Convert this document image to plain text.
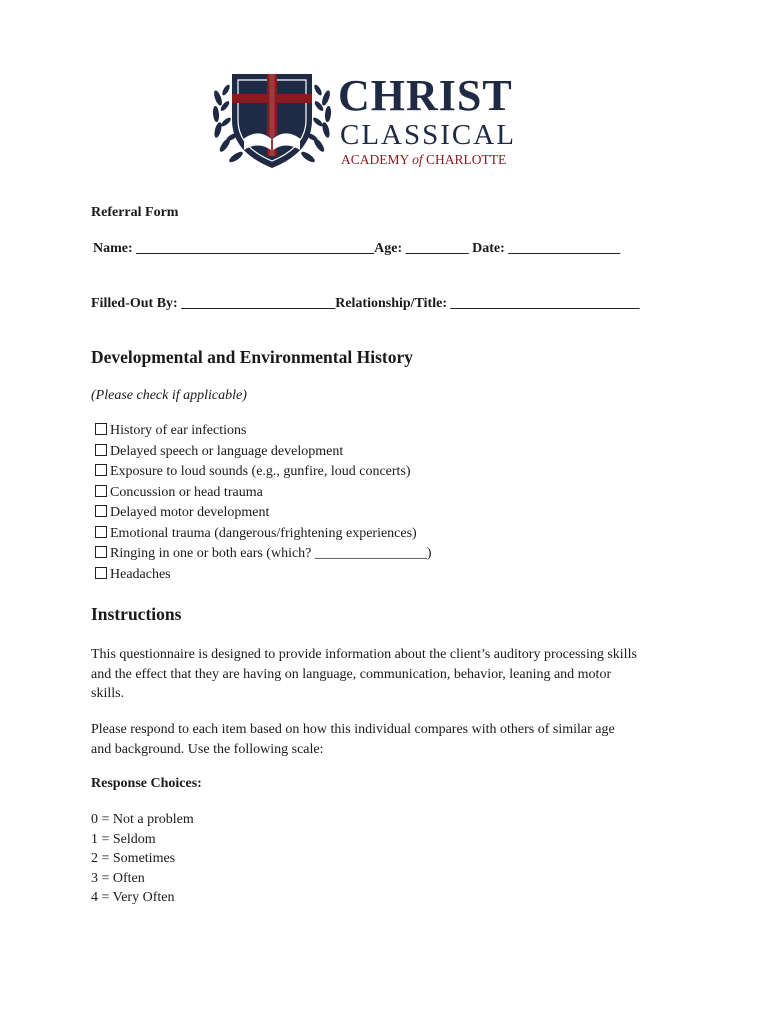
CHRIST
CLASSICAL
ACADEMY of CHARLOTTE
Referral Form
Name: __________________________________Age: _________ Date: ________________
Filled-Out By: ______________________Relationship/Title: ___________________________
Developmental and Environmental History
(Please check if applicable)
History of ear infections
Delayed speech or language development
Exposure to loud sounds (e.g., gunfire, loud concerts)
Concussion or head trauma
Delayed motor development
Emotional trauma (dangerous/frightening experiences)
Ringing in one or both ears (which? ________________)
Headaches
Instructions
This questionnaire is designed to provide information about the client’s auditory processing skills
and the effect that they are having on language, communication, behavior, leaning and motor
skills.
Please respond to each item based on how this individual compares with others of similar age
and background. Use the following scale:
Response Choices:
0 = Not a problem
1 = Seldom
2 = Sometimes
3 = Often
4 = Very Often
